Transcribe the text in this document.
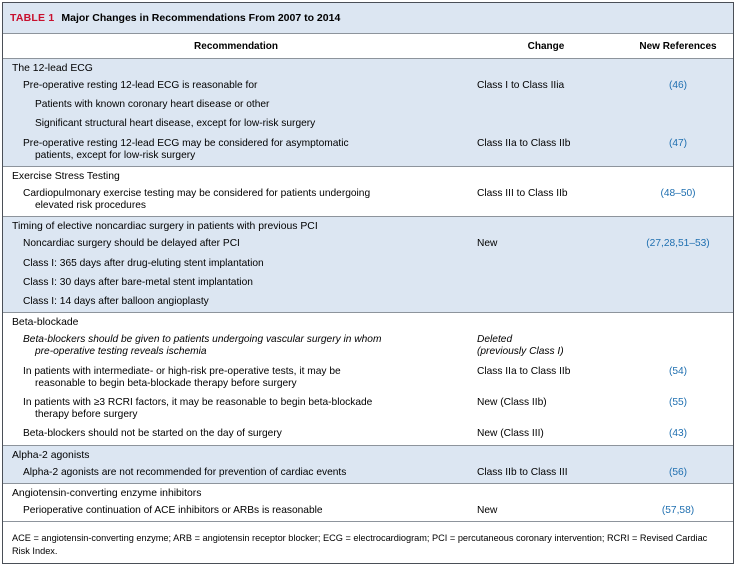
TABLE 1 Major Changes in Recommendations From 2007 to 2014
Recommendation	Change	New References
The 12-lead ECG
Pre-operative resting 12-lead ECG is reasonable for	Class I to Class IIia	(46)
Patients with known coronary heart disease or other
Significant structural heart disease, except for low-risk surgery
Pre-operative resting 12-lead ECG may be considered for asymptomatic
patients, except for low-risk surgery
Class IIa to Class IIb	(47)
Exercise Stress Testing
Cardiopulmonary exercise testing may be considered for patients undergoing
elevated risk procedures
Class III to Class IIb	(48–50)
Timing of elective noncardiac surgery in patients with previous PCI
Noncardiac surgery should be delayed after PCI	New	(27,28,51–53)
Class I: 365 days after drug-eluting stent implantation
Class I: 30 days after bare-metal stent implantation
Class I: 14 days after balloon angioplasty
Beta-blockade
Beta-blockers should be given to patients undergoing vascular surgery in whom
pre-operative testing reveals ischemia
Deleted
(previously Class I)
In patients with intermediate- or high-risk pre-operative tests, it may be
reasonable to begin beta-blockade therapy before surgery
Class IIa to Class IIb	(54)
In patients with ≥3 RCRI factors, it may be reasonable to begin beta-blockade
therapy before surgery
New (Class IIb)	(55)
Beta-blockers should not be started on the day of surgery	New (Class III)	(43)
Alpha-2 agonists
Alpha-2 agonists are not recommended for prevention of cardiac events	Class IIb to Class III	(56)
Angiotensin-converting enzyme inhibitors
Perioperative continuation of ACE inhibitors or ARBs is reasonable	New	(57,58)
ACE = angiotensin-converting enzyme; ARB = angiotensin receptor blocker; ECG = electrocardiogram; PCI = percutaneous coronary intervention; RCRI = Revised Cardiac Risk Index.
